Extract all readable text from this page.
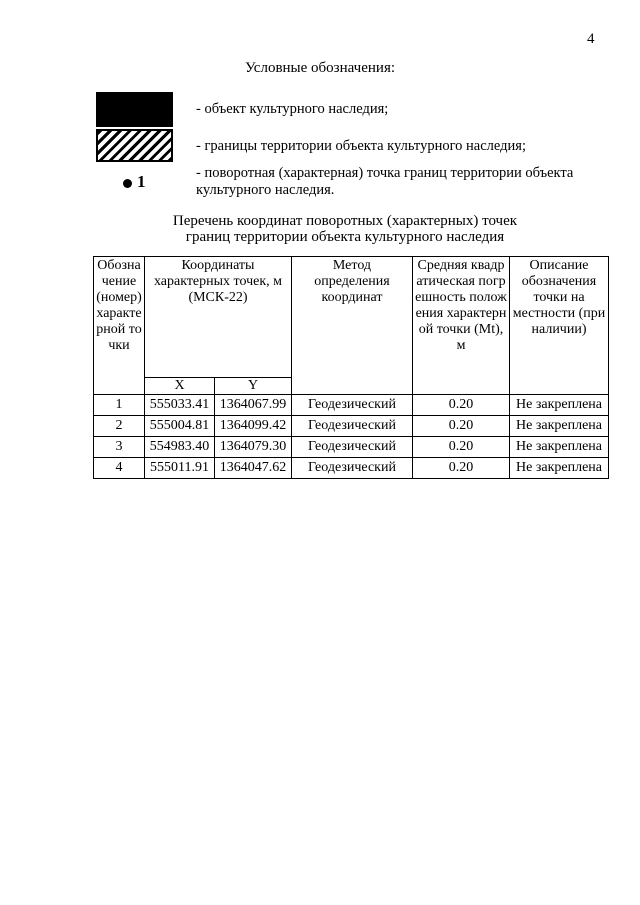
4
Условные обозначения:
- объект культурного наследия;
- границы территории объекта культурного наследия;
1	- поворотная (характерная) точка границ территории объекта культурного наследия.
Перечень координат поворотных (характерных) точек
границ территории объекта культурного наследия
Обозначение (номер) характерной точки	Координаты характерных точек, м (МСК-22)		Метод определения координат	Средняя квадратическая погрешность положения характерной точки (Mt), м	Описание обозначения точки на местности (при наличии)
	X	Y			
1	555033.41	1364067.99	Геодезический	0.20	Не закреплена
2	555004.81	1364099.42	Геодезический	0.20	Не закреплена
3	554983.40	1364079.30	Геодезический	0.20	Не закреплена
4	555011.91	1364047.62	Геодезический	0.20	Не закреплена
